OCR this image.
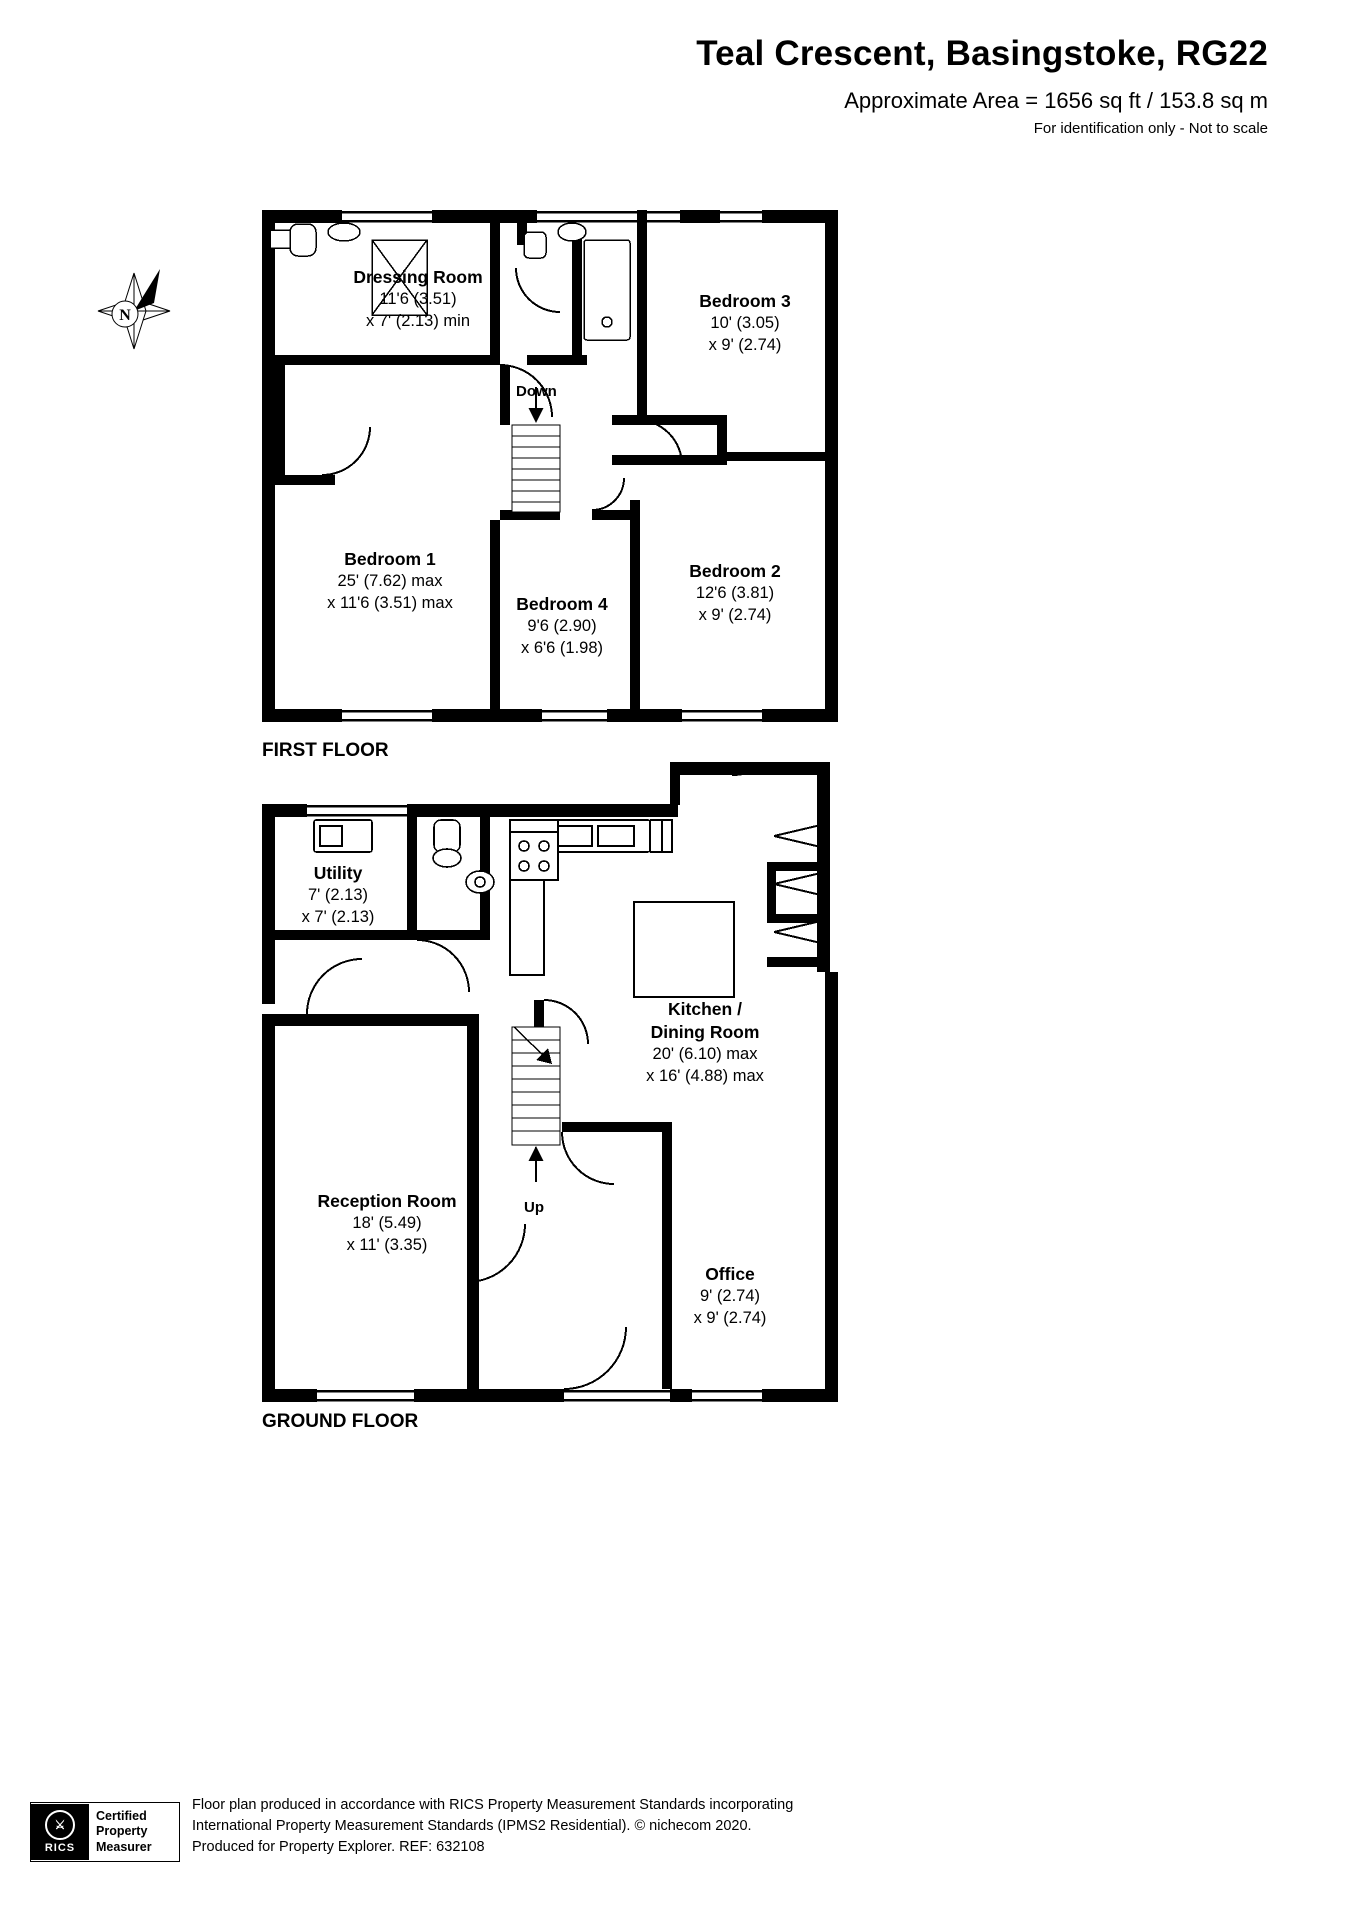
Teal Crescent, Basingstoke, RG22
Approximate Area = 1656 sq ft / 153.8 sq m
For identification only - Not to scale
N
Dressing Room
11'6 (3.51)
x 7' (2.13) min
Bedroom 3
10' (3.05)
x 9' (2.74)
Bedroom 1
25' (7.62) max
x 11'6 (3.51) max
Bedroom 2
12'6 (3.81)
x 9' (2.74)
Bedroom 4
9'6 (2.90)
x 6'6 (1.98)
Down
FIRST FLOOR
Utility
7' (2.13)
x 7' (2.13)
Kitchen /
Dining Room
20' (6.10) max
x 16' (4.88) max
Reception Room
18' (5.49)
x 11' (3.35)
Office
9' (2.74)
x 9' (2.74)
Up
GROUND FLOOR
⚔
RICS
Certified
Property
Measurer
Floor plan produced in accordance with RICS Property Measurement Standards incorporating
International Property Measurement Standards (IPMS2 Residential). © nichecom 2020.
Produced for Property Explorer. REF: 632108
